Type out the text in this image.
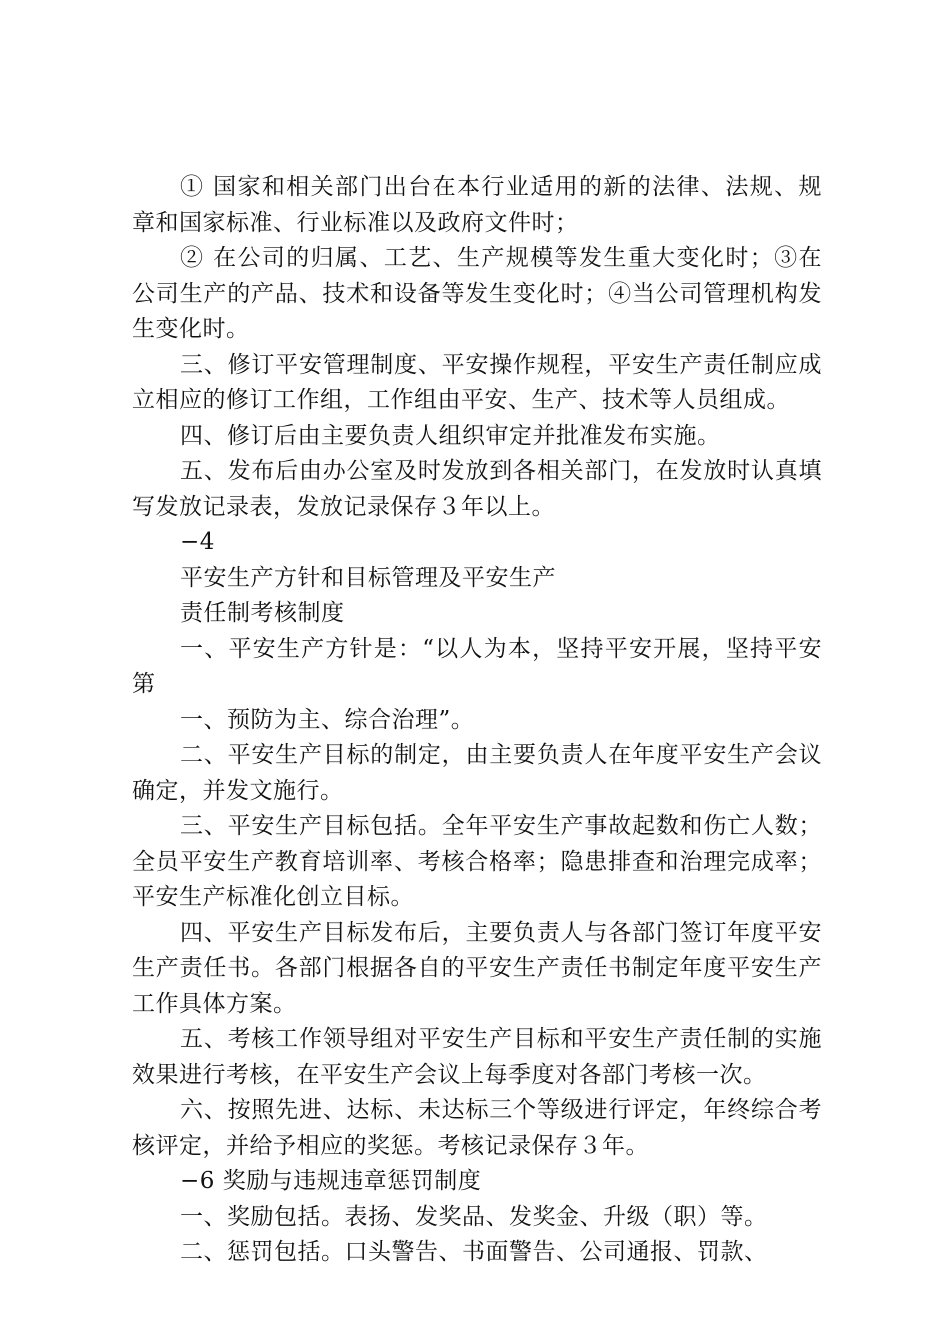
① 国家和相关部门出台在本行业适用的新的法律、法规、规章和国家标准、行业标准以及政府文件时；

② 在公司的归属、工艺、生产规模等发生重大变化时；③在公司生产的产品、技术和设备等发生变化时；④当公司管理机构发生变化时。

三、修订平安管理制度、平安操作规程，平安生产责任制应成立相应的修订工作组，工作组由平安、生产、技术等人员组成。

四、修订后由主要负责人组织审定并批准发布实施。

五、发布后由办公室及时发放到各相关部门，在发放时认真填写发放记录表，发放记录保存３年以上。

−4

平安生产方针和目标管理及平安生产

责任制考核制度

一、平安生产方针是：“以人为本，坚持平安开展，坚持平安第

一、预防为主、综合治理”。

二、平安生产目标的制定，由主要负责人在年度平安生产会议确定，并发文施行。

三、平安生产目标包括。全年平安生产事故起数和伤亡人数；全员平安生产教育培训率、考核合格率；隐患排查和治理完成率；平安生产标准化创立目标。

四、平安生产目标发布后，主要负责人与各部门签订年度平安生产责任书。各部门根据各自的平安生产责任书制定年度平安生产工作具体方案。

五、考核工作领导组对平安生产目标和平安生产责任制的实施效果进行考核，在平安生产会议上每季度对各部门考核一次。

六、按照先进、达标、未达标三个等级进行评定，年终综合考核评定，并给予相应的奖惩。考核记录保存３年。

−6 奖励与违规违章惩罚制度

一、奖励包括。表扬、发奖品、发奖金、升级（职）等。

二、惩罚包括。口头警告、书面警告、公司通报、罚款、
